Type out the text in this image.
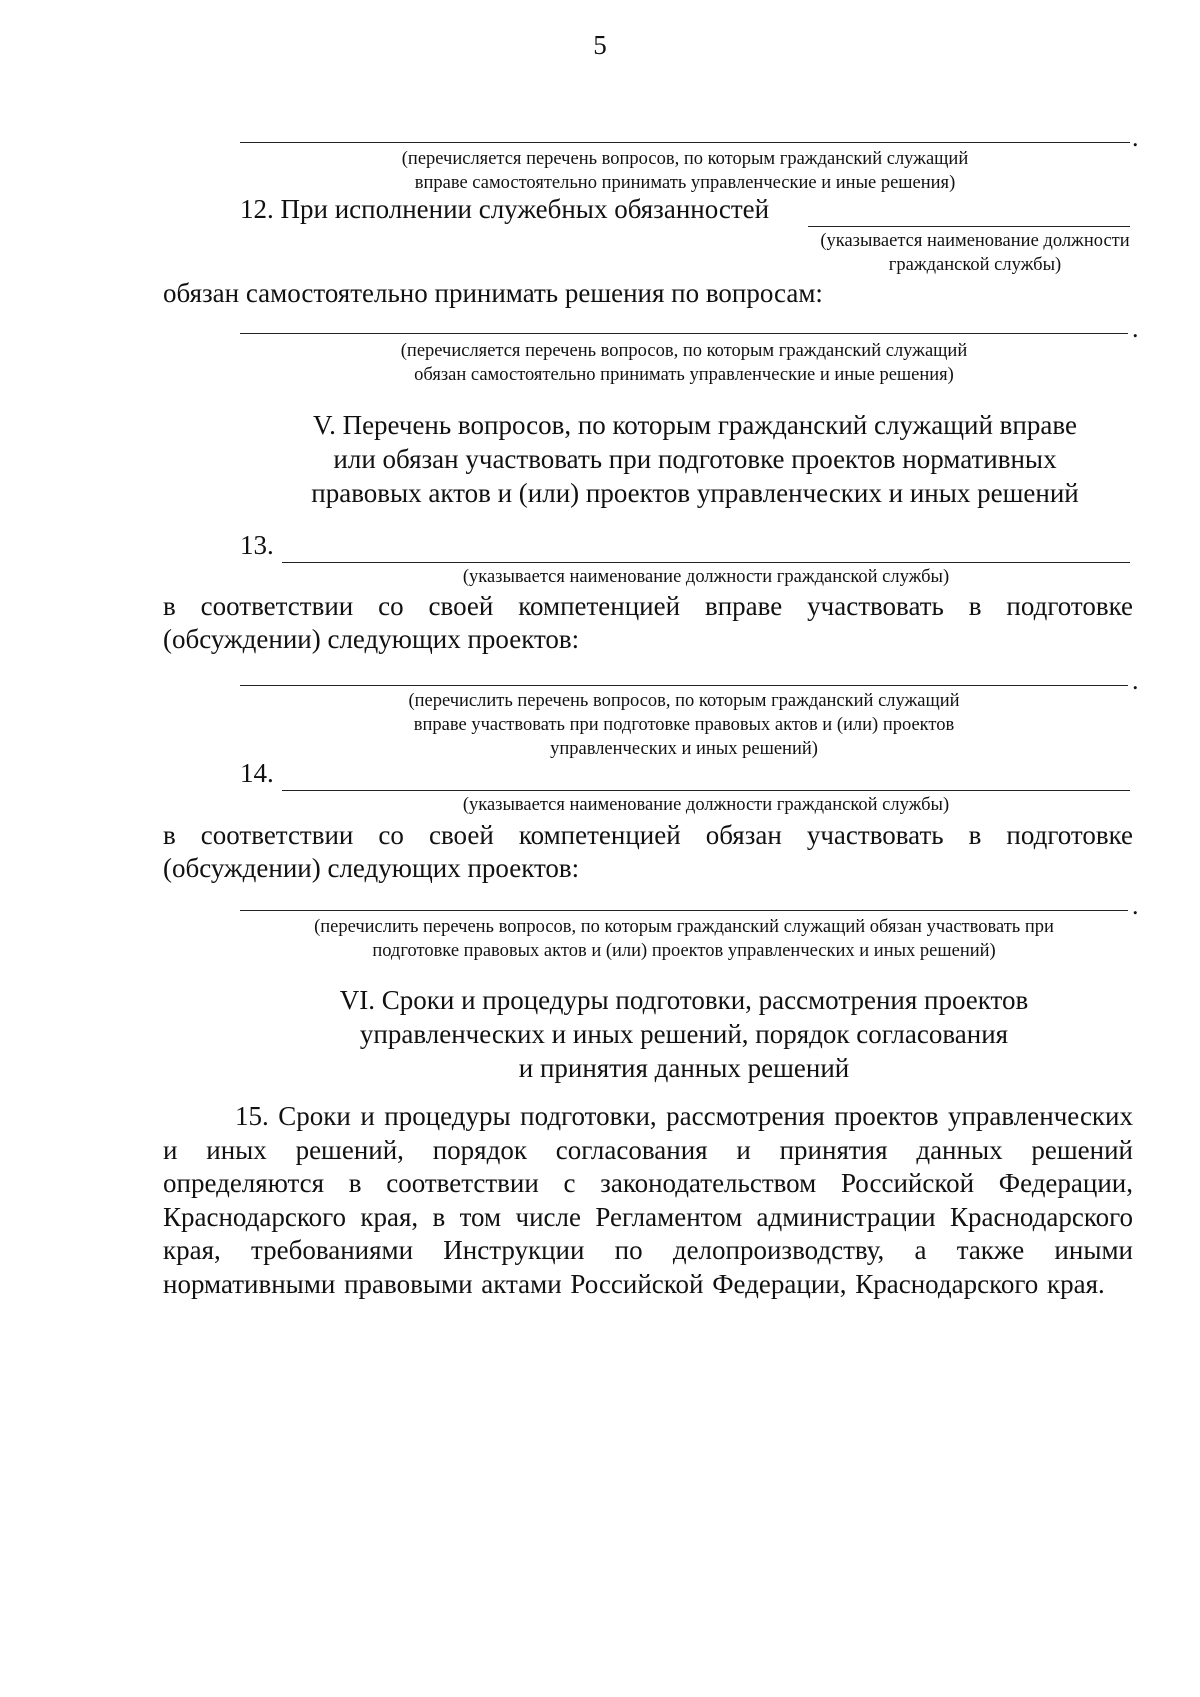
5
.
(перечисляется перечень вопросов, по которым гражданский служащий
вправе самостоятельно принимать управленческие и иные решения)
12. При исполнении служебных обязанностей
(указывается наименование должности
гражданской службы)
обязан самостоятельно принимать решения по вопросам:
.
(перечисляется перечень вопросов, по которым гражданский служащий
обязан самостоятельно принимать управленческие и иные решения)
V. Перечень вопросов, по которым гражданский служащий вправе
или обязан участвовать при подготовке проектов нормативных
правовых актов и (или) проектов управленческих и иных решений
13.
(указывается наименование должности гражданской службы)
в соответствии со своей компетенцией вправе участвовать в подготовке
(обсуждении) следующих проектов:
.
(перечислить перечень вопросов, по которым гражданский служащий
вправе участвовать при подготовке правовых актов и (или) проектов
управленческих и иных решений)
14.
(указывается наименование должности гражданской службы)
в соответствии со своей компетенцией обязан участвовать в подготовке
(обсуждении) следующих проектов:
.
(перечислить перечень вопросов, по которым гражданский служащий обязан участвовать при
подготовке правовых актов и (или) проектов управленческих и иных решений)
VI. Сроки и процедуры подготовки, рассмотрения проектов
управленческих и иных решений, порядок согласования
и принятия данных решений
15. Сроки и процедуры подготовки, рассмотрения проектов управленческих и иных решений, порядок согласования и принятия данных решений определяются в соответствии с законодательством Российской Федерации, Краснодарского края, в том числе Регламентом администрации Краснодарского края, требованиями Инструкции по делопроизводству, а также иными нормативными правовыми актами Российской Федерации, Краснодарского края.
